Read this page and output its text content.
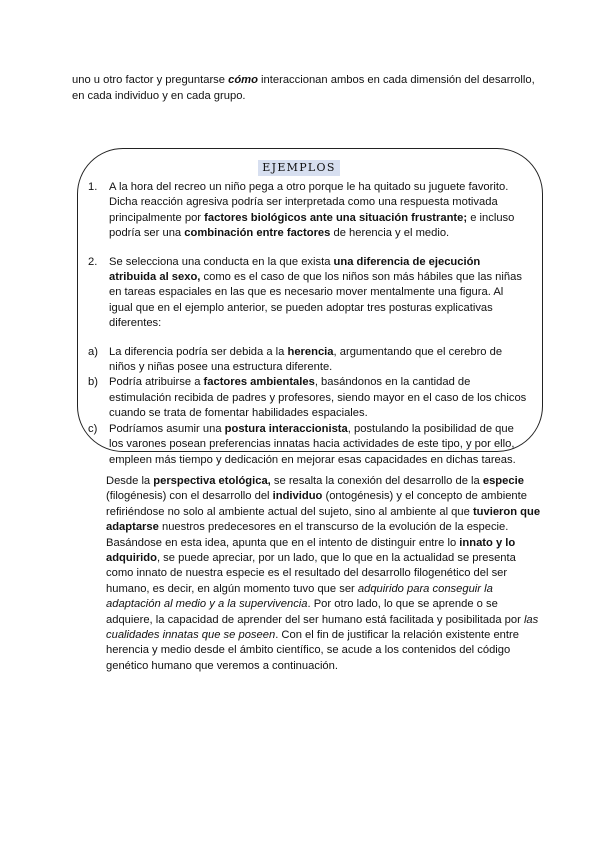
uno u otro factor y preguntarse cómo interaccionan ambos en cada dimensión del desarrollo, en cada individuo y en cada grupo.

EJEMPLOS
1. A la hora del recreo un niño pega a otro porque le ha quitado su juguete favorito. Dicha reacción agresiva podría ser interpretada como una respuesta motivada principalmente por factores biológicos ante una situación frustrante; e incluso podría ser una combinación entre factores de herencia y el medio.
2. Se selecciona una conducta en la que exista una diferencia de ejecución atribuida al sexo, como es el caso de que los niños son más hábiles que las niñas en tareas espaciales en las que es necesario mover mentalmente una figura. Al igual que en el ejemplo anterior, se pueden adoptar tres posturas explicativas diferentes:
a) La diferencia podría ser debida a la herencia, argumentando que el cerebro de niños y niñas posee una estructura diferente.
b) Podría atribuirse a factores ambientales, basándonos en la cantidad de estimulación recibida de padres y profesores, siendo mayor en el caso de los chicos cuando se trata de fomentar habilidades espaciales.
c) Podríamos asumir una postura interaccionista, postulando la posibilidad de que los varones posean preferencias innatas hacia actividades de este tipo, y por ello, empleen más tiempo y dedicación en mejorar esas capacidades en dichas tareas.

Desde la perspectiva etológica, se resalta la conexión del desarrollo de la especie (filogénesis) con el desarrollo del individuo (ontogénesis) y el concepto de ambiente refiriéndose no solo al ambiente actual del sujeto, sino al ambiente al que tuvieron que adaptarse nuestros predecesores en el transcurso de la evolución de la especie. Basándose en esta idea, apunta que en el intento de distinguir entre lo innato y lo adquirido, se puede apreciar, por un lado, que lo que en la actualidad se presenta como innato de nuestra especie es el resultado del desarrollo filogenético del ser humano, es decir, en algún momento tuvo que ser adquirido para conseguir la adaptación al medio y a la supervivencia. Por otro lado, lo que se aprende o se adquiere, la capacidad de aprender del ser humano está facilitada y posibilitada por las cualidades innatas que se poseen. Con el fin de justificar la relación existente entre herencia y medio desde el ámbito científico, se acude a los contenidos del código genético humano que veremos a continuación.
